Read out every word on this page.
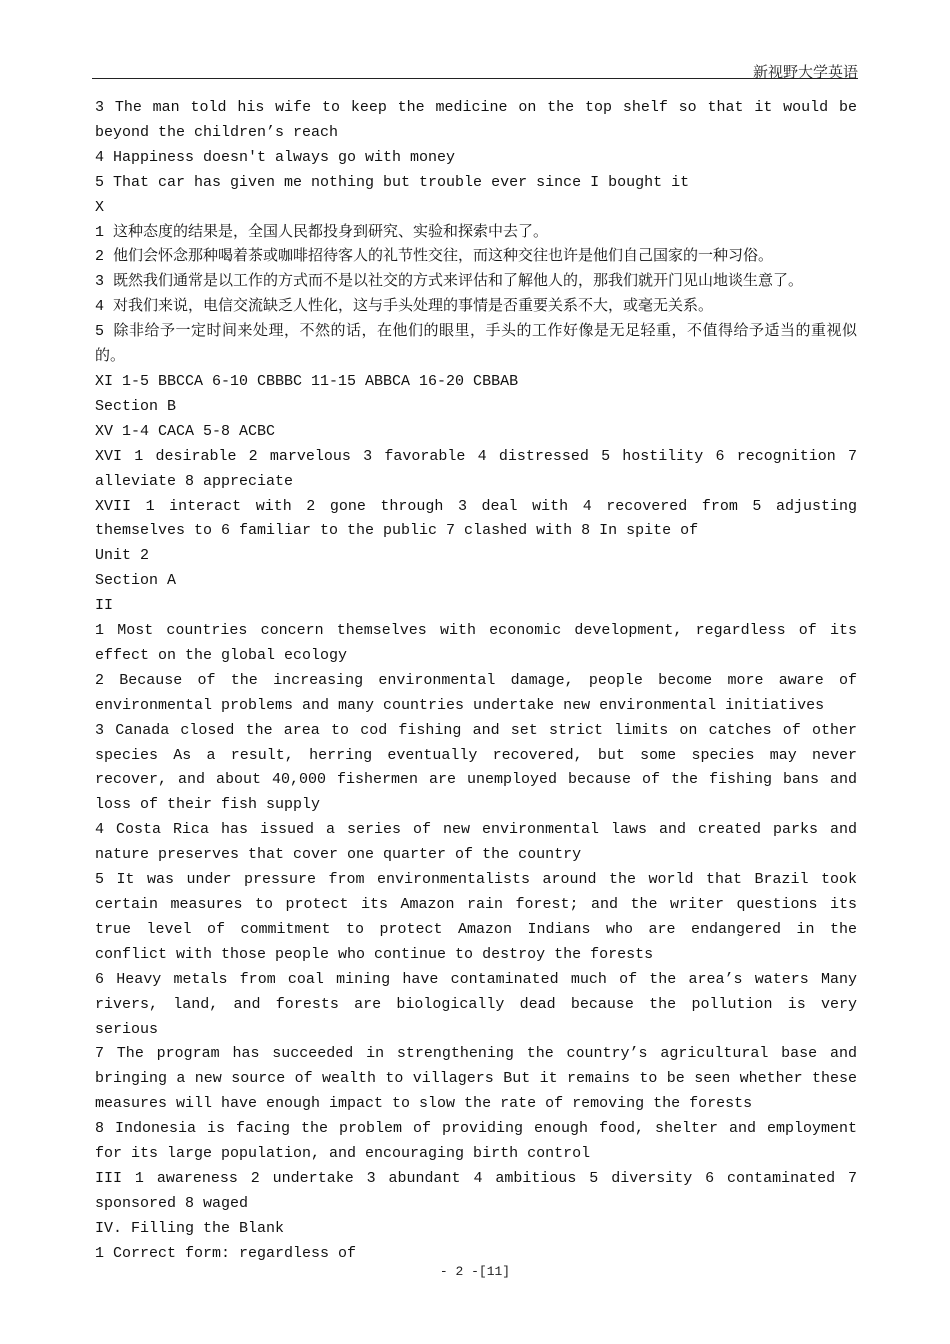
新视野大学英语

3 The man told his wife to keep the medicine on the top shelf so that it would be beyond the children’s reach

4 Happiness doesn't always go with money

5 That car has given me nothing but trouble ever since I bought it

X

1 这种态度的结果是，全国人民都投身到研究、实验和探索中去了。

2 他们会怀念那种喝着茶或咖啡招待客人的礼节性交往，而这种交往也许是他们自己国家的一种习俗。

3 既然我们通常是以工作的方式而不是以社交的方式来评估和了解他人的，那我们就开门见山地谈生意了。

4 对我们来说，电信交流缺乏人性化，这与手头处理的事情是否重要关系不大，或毫无关系。

5 除非给予一定时间来处理，不然的话，在他们的眼里，手头的工作好像是无足轻重，不值得给予适当的重视似的。

XI 1-5 BBCCA 6-10 CBBBC 11-15 ABBCA 16-20 CBBAB

Section B

XV 1-4 CACA 5-8 ACBC

XVI 1 desirable 2 marvelous 3 favorable 4 distressed 5 hostility 6 recognition 7 alleviate 8 appreciate

XVII 1 interact with 2 gone through 3 deal with 4 recovered from 5 adjusting themselves to 6 familiar to the public 7 clashed with 8 In spite of

Unit 2

Section A

II

1 Most countries concern themselves with economic development, regardless of its effect on the global ecology

2 Because of the increasing environmental damage, people become more aware of environmental problems and many countries undertake new environmental initiatives

3 Canada closed the area to cod fishing and set strict limits on catches of other species As a result, herring eventually recovered, but some species may never recover, and about 40,000 fishermen are unemployed because of the fishing bans and loss of their fish supply

4 Costa Rica has issued a series of new environmental laws and created parks and nature preserves that cover one quarter of the country

5 It was under pressure from environmentalists around the world that Brazil took certain measures to protect its Amazon rain forest; and the writer questions its true level of commitment to protect Amazon Indians who are endangered in the conflict with those people who continue to destroy the forests

6 Heavy metals from coal mining have contaminated much of the area’s waters Many rivers, land, and forests are biologically dead because the pollution is very serious

7 The program has succeeded in strengthening the country’s agricultural base and bringing a new source of wealth to villagers But it remains to be seen whether these measures will have enough impact to slow the rate of removing the forests

8 Indonesia is facing the problem of providing enough food, shelter and employment for its large population, and encouraging birth control

III 1 awareness 2 undertake 3 abundant 4 ambitious 5 diversity 6 contaminated 7 sponsored 8 waged

IV. Filling the Blank

1 Correct form: regardless of

- 2 -[11]
